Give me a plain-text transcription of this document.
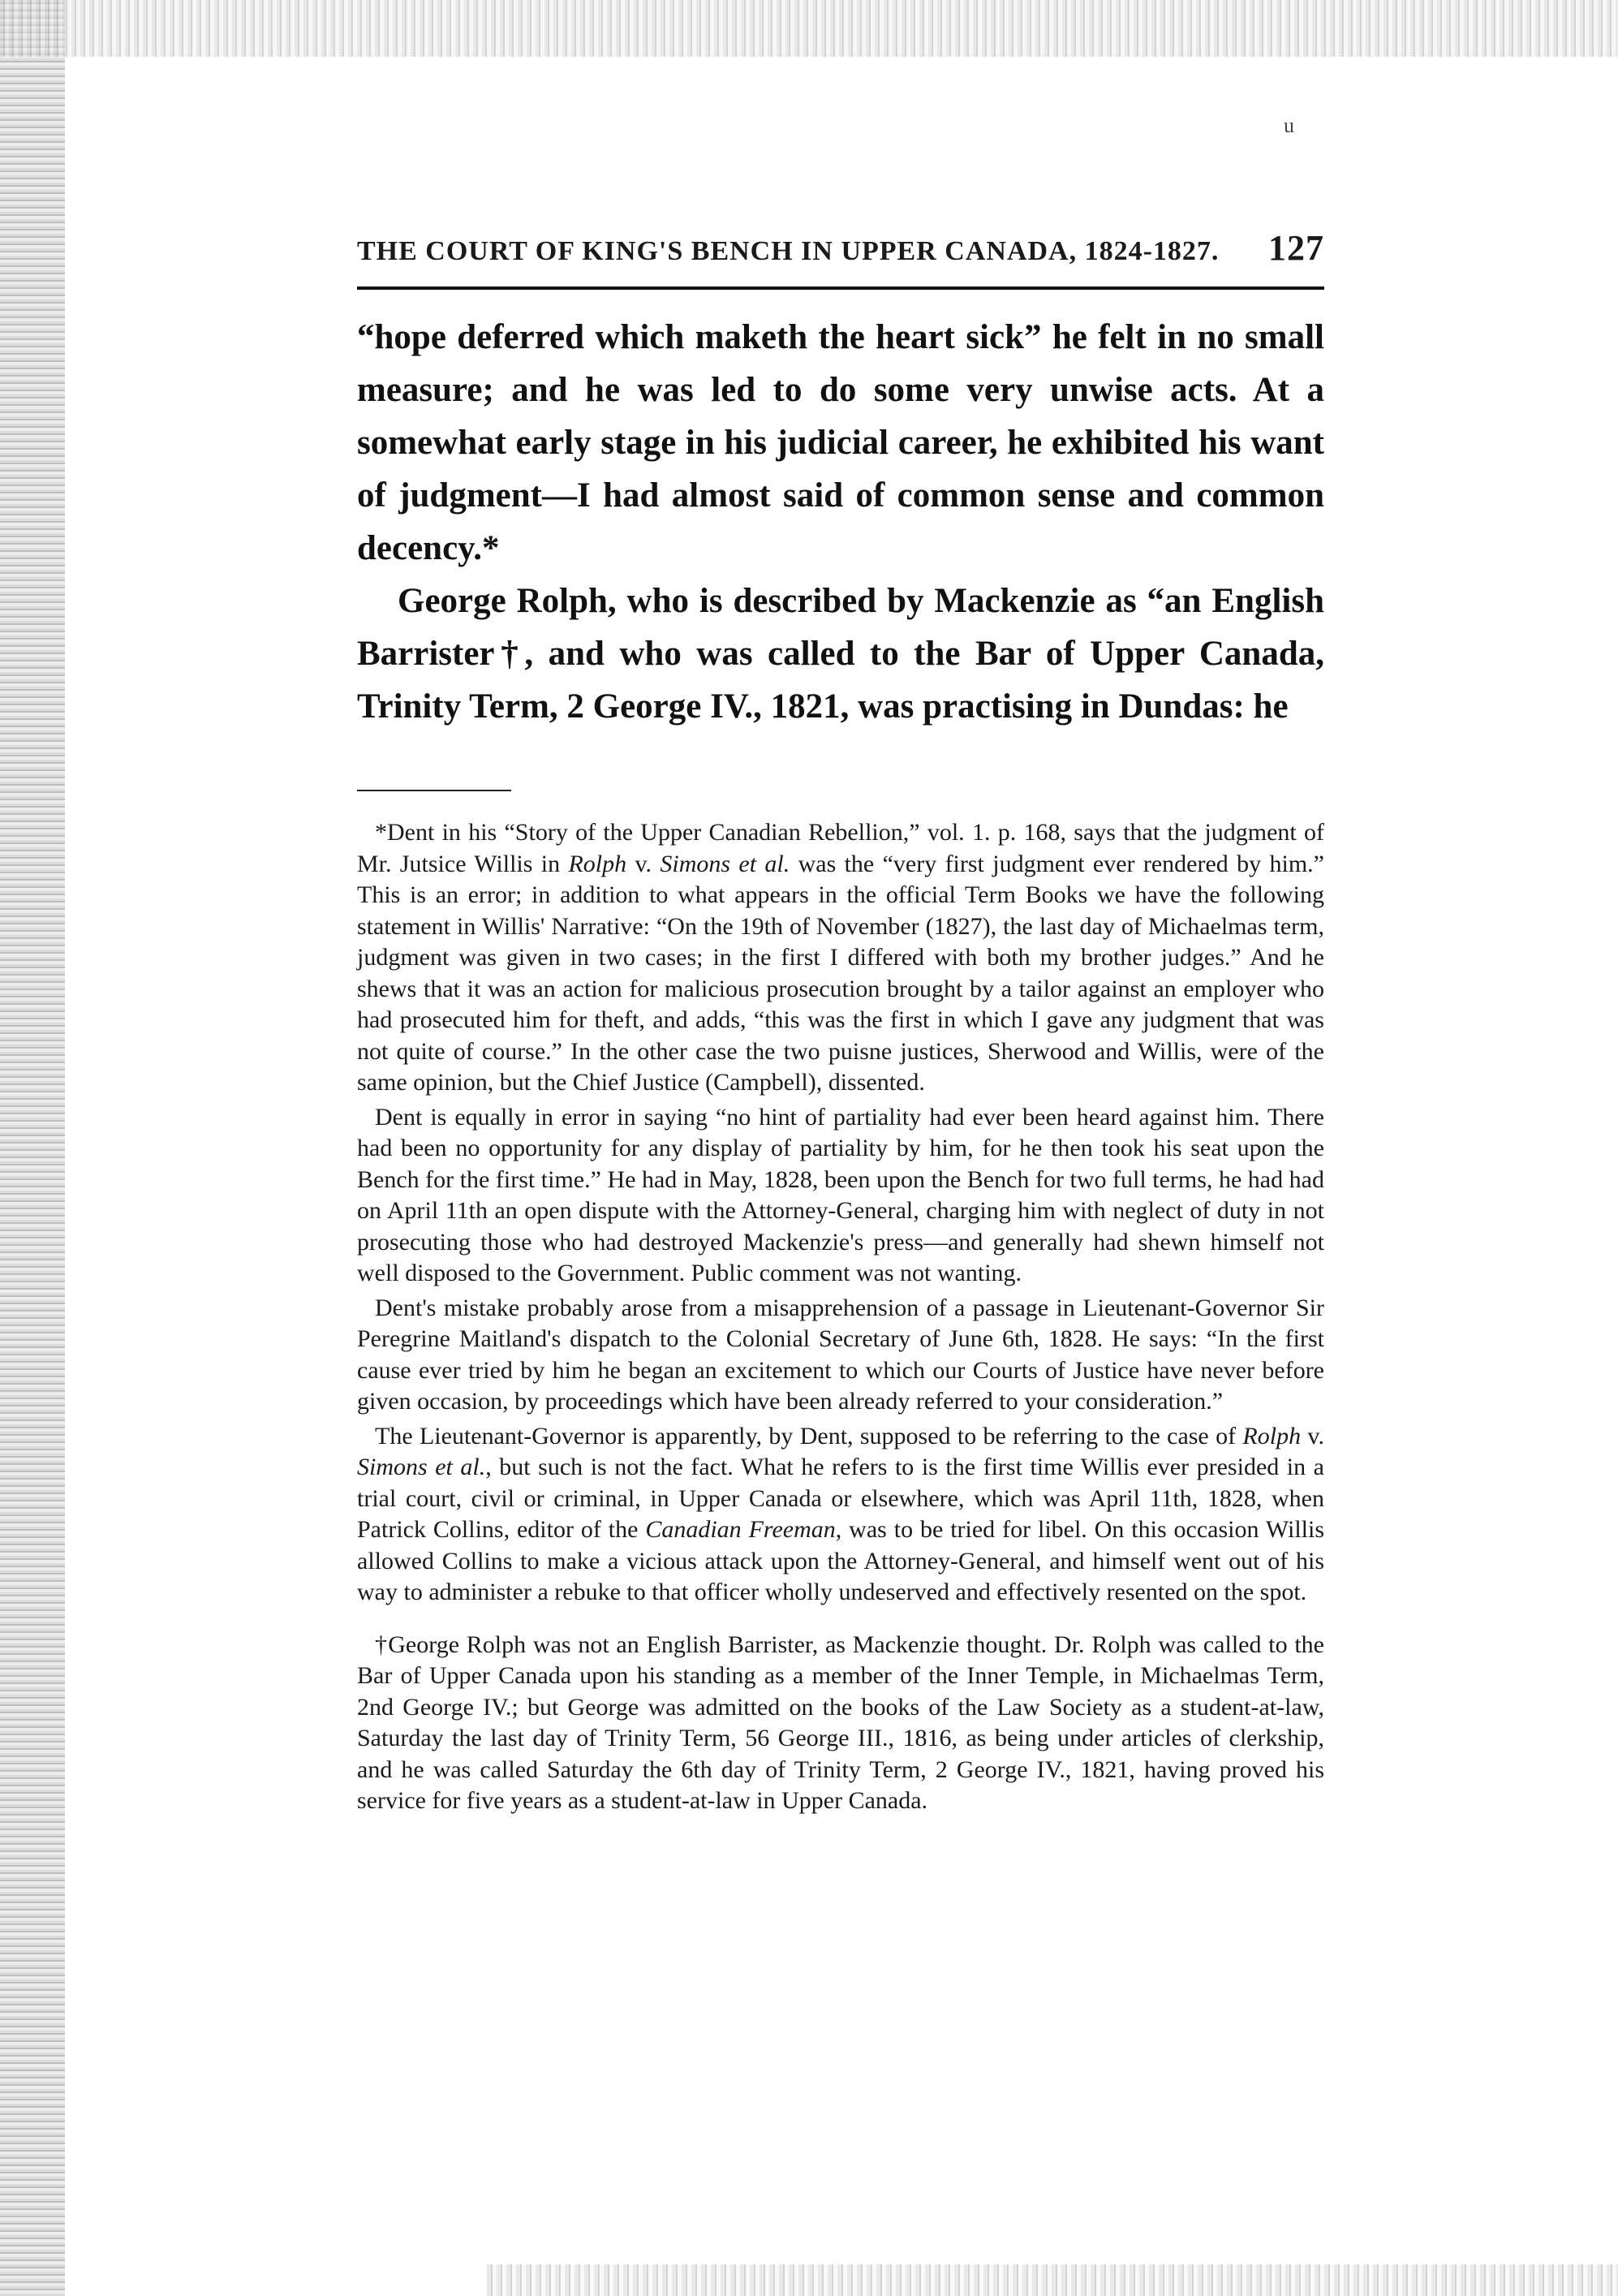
u
THE COURT OF KING'S BENCH IN UPPER CANADA, 1824-1827. 127

“hope deferred which maketh the heart sick” he felt in no small measure; and he was led to do some very unwise acts. At a somewhat early stage in his judicial career, he exhibited his want of judgment—I had almost said of common sense and common decency.*

George Rolph, who is described by Mackenzie as “an English Barrister†, and who was called to the Bar of Upper Canada, Trinity Term, 2 George IV., 1821, was practising in Dundas: he

*Dent in his “Story of the Upper Canadian Rebellion,” vol. 1. p. 168, says that the judgment of Mr. Jutsice Willis in Rolph v. Simons et al. was the “very first judgment ever rendered by him.” This is an error; in addition to what appears in the official Term Books we have the following statement in Willis' Narrative: “On the 19th of November (1827), the last day of Michaelmas term, judgment was given in two cases; in the first I differed with both my brother judges.” And he shews that it was an action for malicious prosecution brought by a tailor against an employer who had prosecuted him for theft, and adds, “this was the first in which I gave any judgment that was not quite of course.” In the other case the two puisne justices, Sherwood and Willis, were of the same opinion, but the Chief Justice (Campbell), dissented.

Dent is equally in error in saying “no hint of partiality had ever been heard against him. There had been no opportunity for any display of partiality by him, for he then took his seat upon the Bench for the first time.” He had in May, 1828, been upon the Bench for two full terms, he had had on April 11th an open dispute with the Attorney-General, charging him with neglect of duty in not prosecuting those who had destroyed Mackenzie's press—and generally had shewn himself not well disposed to the Government. Public comment was not wanting.

Dent's mistake probably arose from a misapprehension of a passage in Lieutenant-Governor Sir Peregrine Maitland's dispatch to the Colonial Secretary of June 6th, 1828. He says: “In the first cause ever tried by him he began an excitement to which our Courts of Justice have never before given occasion, by proceedings which have been already referred to your consideration.”

The Lieutenant-Governor is apparently, by Dent, supposed to be referring to the case of Rolph v. Simons et al., but such is not the fact. What he refers to is the first time Willis ever presided in a trial court, civil or criminal, in Upper Canada or elsewhere, which was April 11th, 1828, when Patrick Collins, editor of the Canadian Freeman, was to be tried for libel. On this occasion Willis allowed Collins to make a vicious attack upon the Attorney-General, and himself went out of his way to administer a rebuke to that officer wholly undeserved and effectively resented on the spot.

†George Rolph was not an English Barrister, as Mackenzie thought. Dr. Rolph was called to the Bar of Upper Canada upon his standing as a member of the Inner Temple, in Michaelmas Term, 2nd George IV.; but George was admitted on the books of the Law Society as a student-at-law, Saturday the last day of Trinity Term, 56 George III., 1816, as being under articles of clerkship, and he was called Saturday the 6th day of Trinity Term, 2 George IV., 1821, having proved his service for five years as a student-at-law in Upper Canada.
